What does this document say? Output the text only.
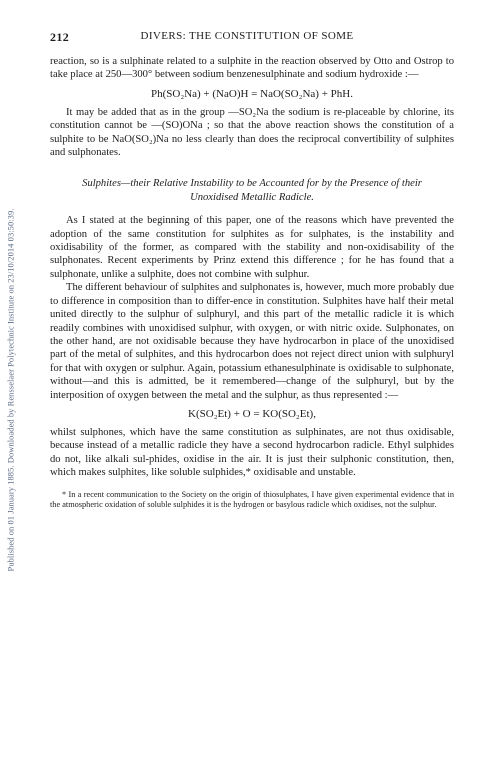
Published on 01 January 1885. Downloaded by Rensselaer Polytechnic Institute on 23/10/2014 03:50:39.
212	DIVERS: THE CONSTITUTION OF SOME

reaction, so is a sulphinate related to a sulphite in the reaction observed by Otto and Ostrop to take place at 250—300° between sodium benzenesulphinate and sodium hydroxide :—

Ph(SO₂Na) + (NaO)H = NaO(SO₂Na) + PhH.

It may be added that as in the group —SO₂Na the sodium is re-placeable by chlorine, its constitution cannot be —(SO)ONa ; so that the above reaction shows the constitution of a sulphite to be NaO(SO₂)Na no less clearly than does the reciprocal convertibility of sulphites and sulphonates.

Sulphites—their Relative Instability to be Accounted for by the Presence of their Unoxidised Metallic Radicle.

As I stated at the beginning of this paper, one of the reasons which have prevented the adoption of the same constitution for sulphites as for sulphates, is the instability and oxidisability of the former, as compared with the stability and non-oxidisability of the sulphonates. Recent experiments by Prinz extend this difference ; for he has found that a sulphonate, unlike a sulphite, does not combine with sulphur.

The different behaviour of sulphites and sulphonates is, however, much more probably due to difference in composition than to differ-ence in constitution. Sulphites have half their metal united directly to the sulphur of sulphuryl, and this part of the metallic radicle it is which readily combines with unoxidised sulphur, with oxygen, or with nitric oxide. Sulphonates, on the other hand, are not oxidisable because they have hydrocarbon in place of the unoxidised part of the metal of sulphites, and this hydrocarbon does not reject direct union with sulphuryl for that with oxygen or sulphur. Again, potassium ethanesulphinate is oxidisable to sulphonate, without—and this is admitted, be it remembered—change of the sulphuryl, but by the interposition of oxygen between the metal and the sulphur, as thus represented :—

K(SO₂Et) + O = KO(SO₂Et),

whilst sulphones, which have the same constitution as sulphinates, are not thus oxidisable, because instead of a metallic radicle they have a second hydrocarbon radicle. Ethyl sulphides do not, like alkali sul-phides, oxidise in the air. It is just their sulphonic constitution, then, which makes sulphites, like soluble sulphides,* oxidisable and unstable.

* In a recent communication to the Society on the origin of thiosulphates, I have given experimental evidence that in the atmospheric oxidation of soluble sulphides it is the hydrogen or basylous radicle which oxidises, not the sulphur.
